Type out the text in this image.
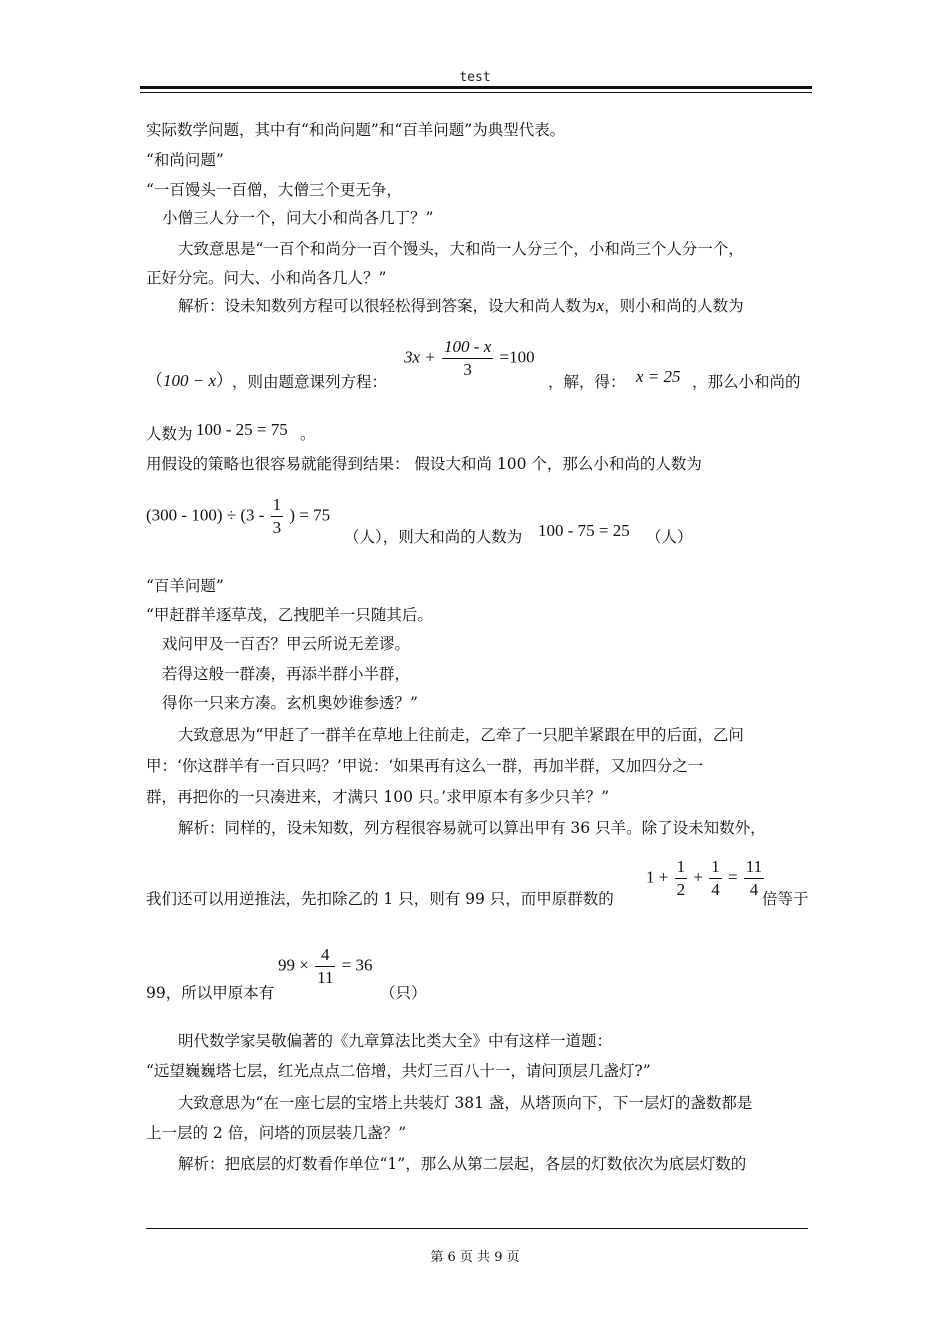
test
实际数学问题，其中有“和尚问题”和“百羊问题”为典型代表。
“和尚问题”
“一百馒头一百僧，大僧三个更无争，
小僧三人分一个，问大小和尚各几丁？”
大致意思是“一百个和尚分一百个馒头，大和尚一人分三个，小和尚三个人分一个，
正好分完。问大、小和尚各几人？”
解析：设未知数列方程可以很轻松得到答案，设大和尚人数为x，则小和尚的人数为
（100 − x）
，则由题意课列方程：
$3x + \frac{100 - x}{3} =100$
，解，得： x = 25 ，那么小和尚的
人数为 100 - 25 = 75 。
用假设的策略也很容易就能得到结果： 假设大和尚 100 个，那么小和尚的人数为
$(300 - 100) \div (3 - \frac{1}{3}$ ) = 75
（人），则大和尚的人数为 100 - 75 = 25 （人）
“百羊问题”
“甲赶群羊逐草茂，乙拽肥羊一只随其后。
戏问甲及一百否？甲云所说无差谬。
若得这般一群凑，再添半群小半群，
得你一只来方凑。玄机奥妙谁参透？”
大致意思为“甲赶了一群羊在草地上往前走，乙牵了一只肥羊紧跟在甲的后面，乙问
甲：‘你这群羊有一百只吗？’甲说：‘如果再有这么一群，再加半群，又加四分之一
群，再把你的一只凑进来，才满只 100 只。’求甲原本有多少只羊？”
解析：同样的，设未知数，列方程很容易就可以算出甲有 36 只羊。除了设未知数外，
我们还可以用逆推法，先扣除乙的 1 只，则有 99 只，而甲原群数的
$1 + \frac{1}{2} + \frac{1}{4} = \frac{11}{4}$
倍等于
99，所以甲原本有
$99 \times \frac{4}{11} = 36$
（只）
明代数学家吴敬偏著的《九章算法比类大全》中有这样一道题：
“远望巍巍塔七层，红光点点二倍增，共灯三百八十一，请问顶层几盏灯?”
大致意思为“在一座七层的宝塔上共装灯 381 盏，从塔顶向下，下一层灯的盏数都是
上一层的 2 倍，问塔的顶层装几盏？”
解析：把底层的灯数看作单位“1”，那么从第二层起，各层的灯数依次为底层灯数的
第 6 页 共 9 页
